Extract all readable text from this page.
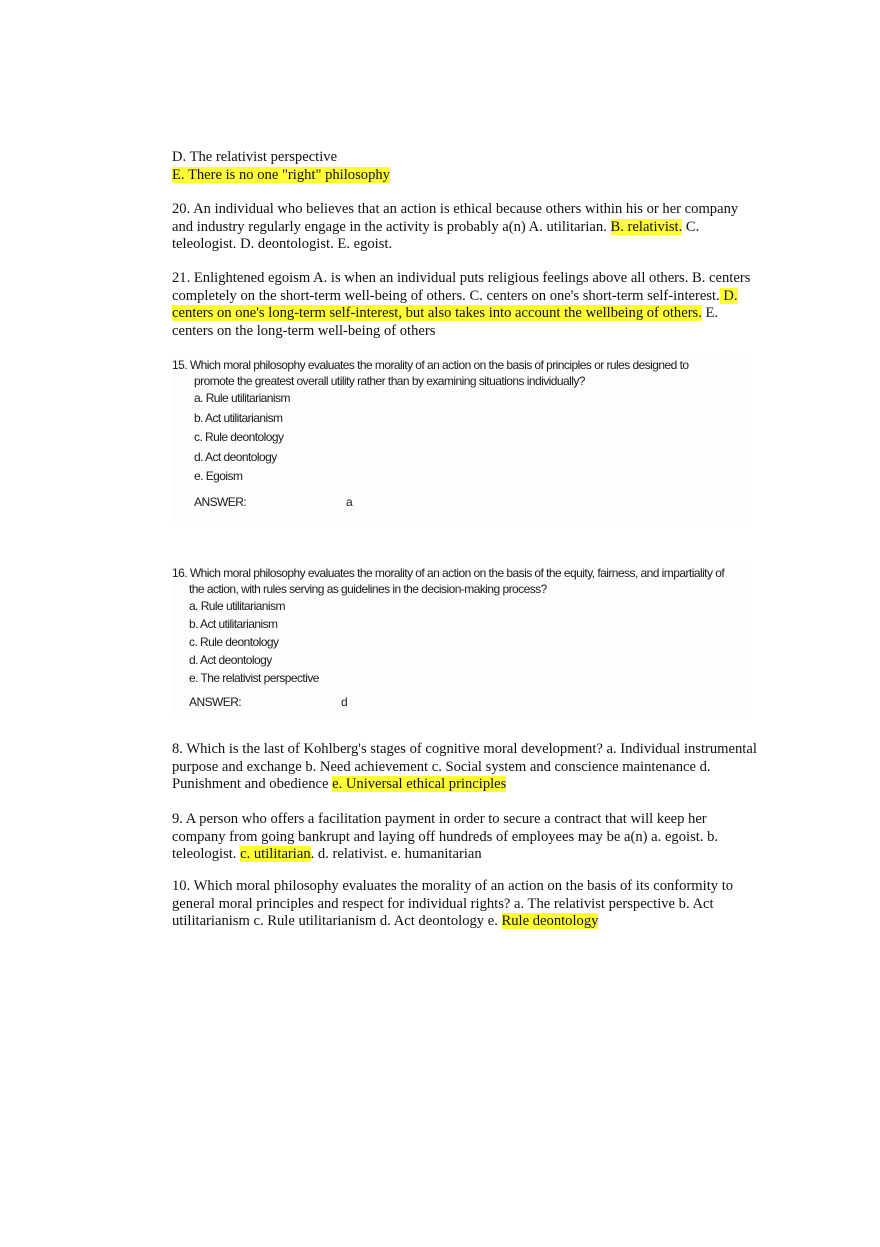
D. The relativist perspective

E. There is no one "right" philosophy

20. An individual who believes that an action is ethical because others within his or her company and industry regularly engage in the activity is probably a(n) A. utilitarian. B. relativist. C. teleologist. D. deontologist. E. egoist.

21. Enlightened egoism A. is when an individual puts religious feelings above all others. B. centers completely on the short-term well-being of others. C. centers on one's short-term self-interest. D. centers on one's long-term self-interest, but also takes into account the wellbeing of others. E. centers on the long-term well-being of others

15. Which moral philosophy evaluates the morality of an action on the basis of principles or rules designed to
promote the greatest overall utility rather than by examining situations individually?
a. Rule utilitarianism
b. Act utilitarianism
c. Rule deontology
d. Act deontology
e. Egoism
ANSWER:	a
16. Which moral philosophy evaluates the morality of an action on the basis of the equity, fairness, and impartiality of
the action, with rules serving as guidelines in the decision-making process?
a. Rule utilitarianism
b. Act utilitarianism
c. Rule deontology
d. Act deontology
e. The relativist perspective
ANSWER:	d

8. Which is the last of Kohlberg's stages of cognitive moral development? a. Individual instrumental purpose and exchange b. Need achievement c. Social system and conscience maintenance d. Punishment and obedience e. Universal ethical principles

9. A person who offers a facilitation payment in order to secure a contract that will keep her company from going bankrupt and laying off hundreds of employees may be a(n) a. egoist. b. teleologist. c. utilitarian. d. relativist. e. humanitarian

10. Which moral philosophy evaluates the morality of an action on the basis of its conformity to general moral principles and respect for individual rights? a. The relativist perspective b. Act utilitarianism c. Rule utilitarianism d. Act deontology e. Rule deontology
